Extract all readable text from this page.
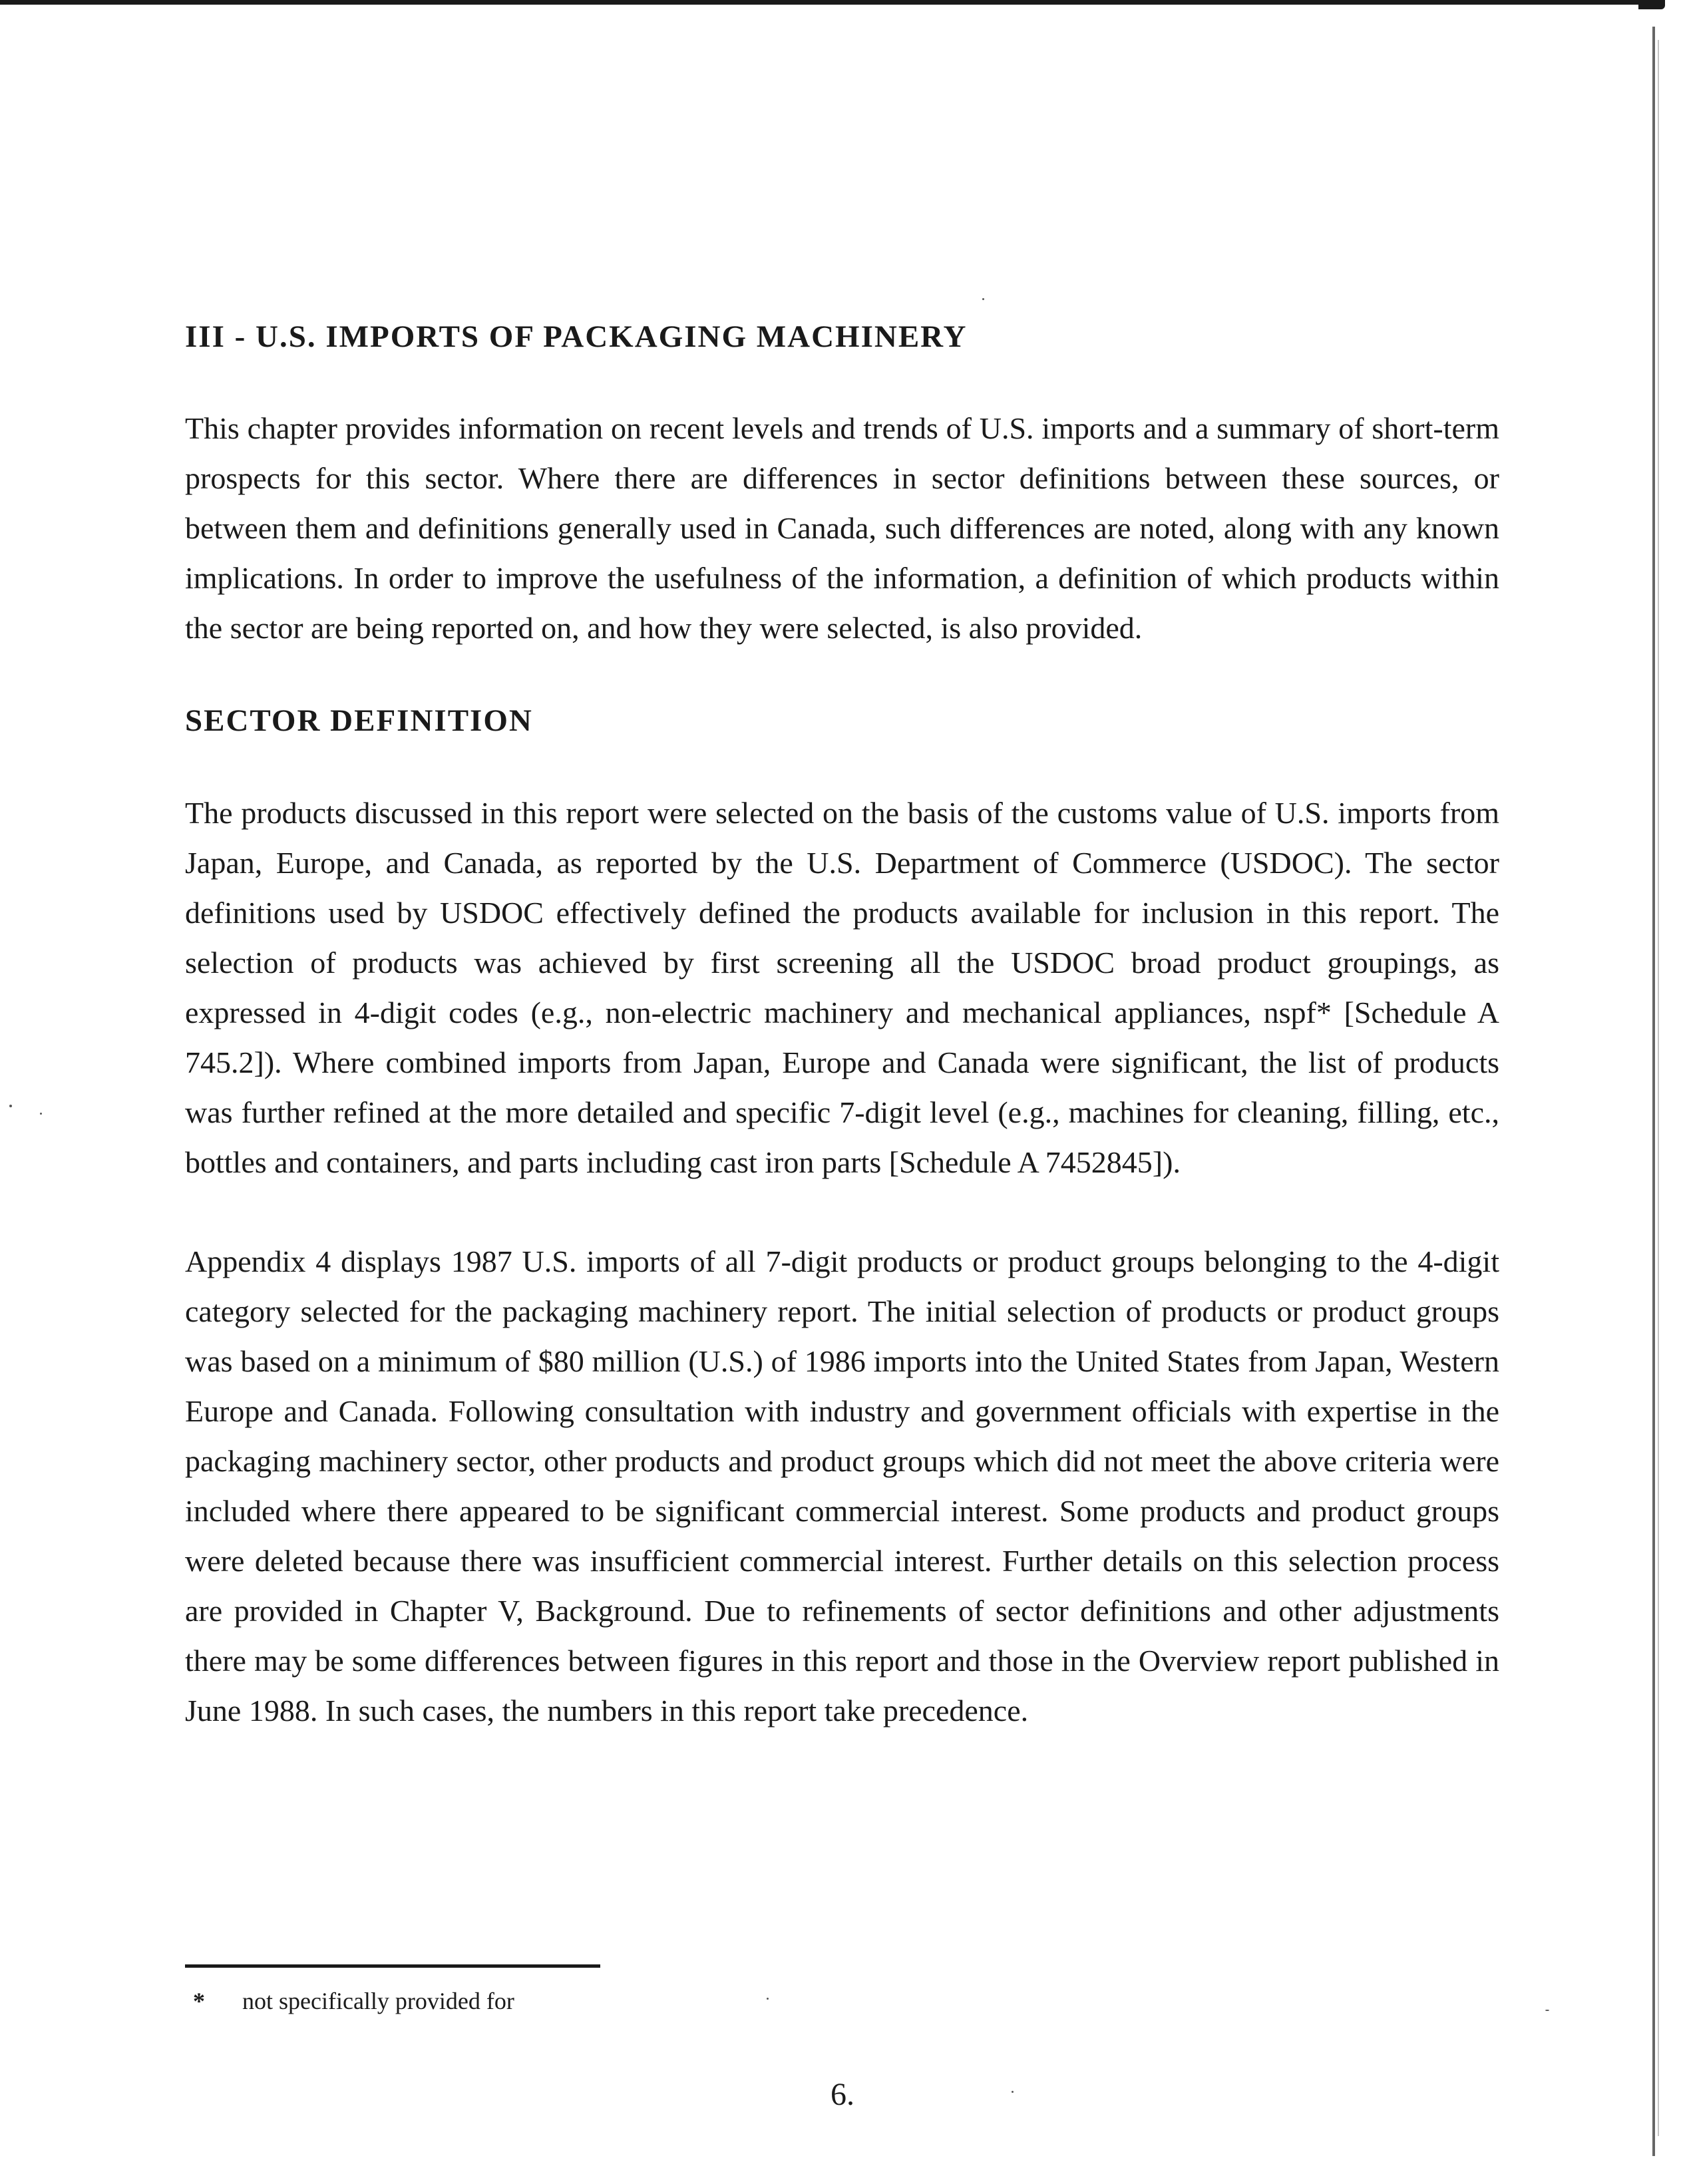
III - U.S. IMPORTS OF PACKAGING MACHINERY

This chapter provides information on recent levels and trends of U.S. imports and a summary of short-term prospects for this sector. Where there are differences in sector definitions between these sources, or between them and definitions generally used in Canada, such differences are noted, along with any known implications. In order to improve the usefulness of the information, a definition of which products within the sector are being reported on, and how they were selected, is also provided.

SECTOR DEFINITION

The products discussed in this report were selected on the basis of the customs value of U.S. imports from Japan, Europe, and Canada, as reported by the U.S. Department of Commerce (USDOC). The sector definitions used by USDOC effectively defined the products available for inclusion in this report. The selection of products was achieved by first screening all the USDOC broad product groupings, as expressed in 4-digit codes (e.g., non-electric machinery and mechanical appliances, nspf* [Schedule A 745.2]). Where combined imports from Japan, Europe and Canada were significant, the list of products was further refined at the more detailed and specific 7-digit level (e.g., machines for cleaning, filling, etc., bottles and containers, and parts including cast iron parts [Schedule A 7452845]).

Appendix 4 displays 1987 U.S. imports of all 7-digit products or product groups belonging to the 4-digit category selected for the packaging machinery report. The initial selection of products or product groups was based on a minimum of $80 million (U.S.) of 1986 imports into the United States from Japan, Western Europe and Canada. Following consultation with industry and government officials with expertise in the packaging machinery sector, other products and product groups which did not meet the above criteria were included where there appeared to be significant commercial interest. Some products and product groups were deleted because there was insufficient commercial interest. Further details on this selection process are provided in Chapter V, Background. Due to refinements of sector definitions and other adjustments there may be some differences between figures in this report and those in the Overview report published in June 1988. In such cases, the numbers in this report take precedence.

* not specifically provided for
6.
